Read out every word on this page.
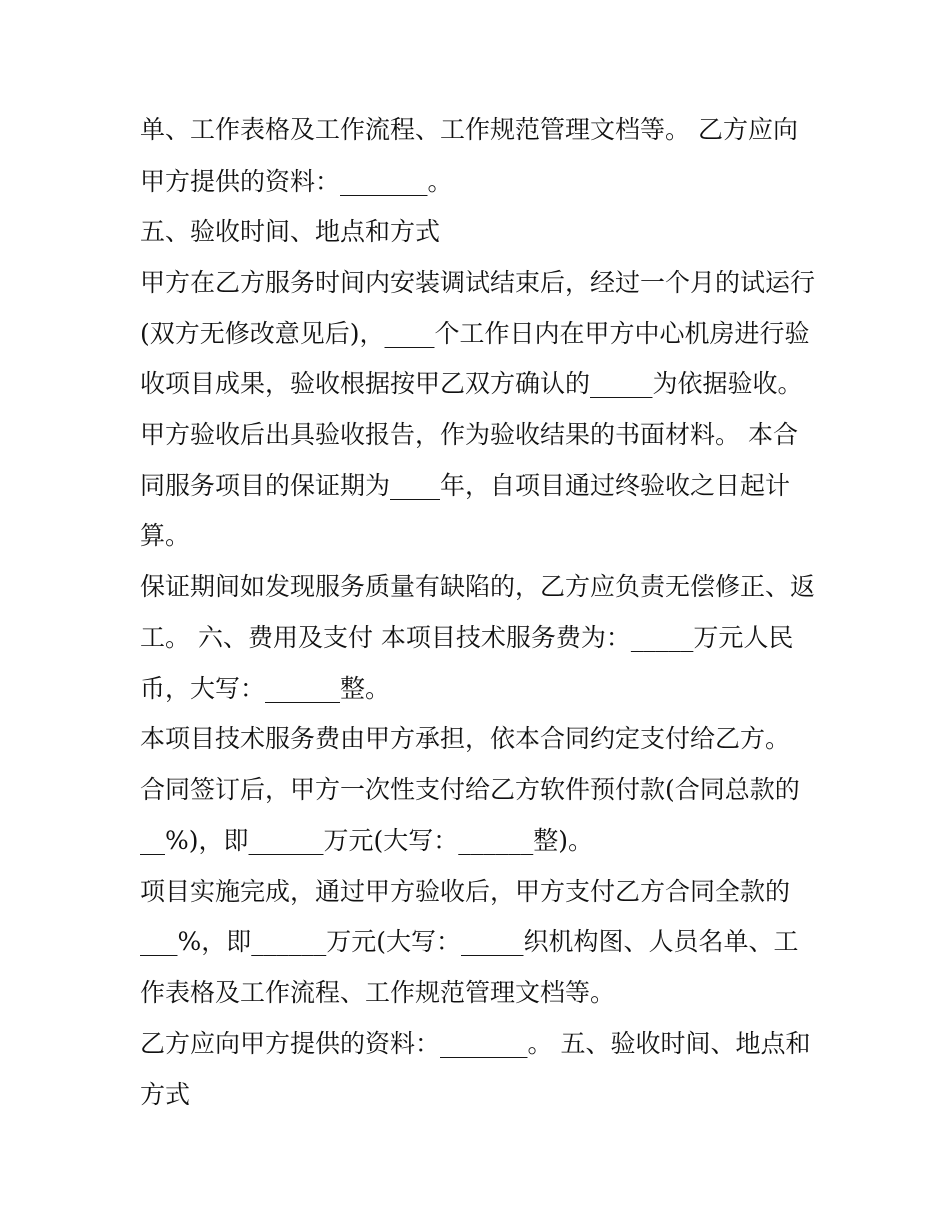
单、工作表格及工作流程、工作规范管理文档等。 乙方应向

甲方提供的资料：_______。

五、验收时间、地点和方式

甲方在乙方服务时间内安装调试结束后，经过一个月的试运行

(双方无修改意见后)，____个工作日内在甲方中心机房进行验

收项目成果，验收根据按甲乙双方确认的_____为依据验收。

甲方验收后出具验收报告，作为验收结果的书面材料。 本合

同服务项目的保证期为____年，自项目通过终验收之日起计

算。

保证期间如发现服务质量有缺陷的，乙方应负责无偿修正、返

工。 六、费用及支付 本项目技术服务费为：_____万元人民

币，大写：______整。

本项目技术服务费由甲方承担，依本合同约定支付给乙方。

合同签订后，甲方一次性支付给乙方软件预付款(合同总款的

__%)，即______万元(大写：______整)。

项目实施完成，通过甲方验收后，甲方支付乙方合同全款的

___%，即______万元(大写：_____织机构图、人员名单、工

作表格及工作流程、工作规范管理文档等。

乙方应向甲方提供的资料：_______。 五、验收时间、地点和

方式
